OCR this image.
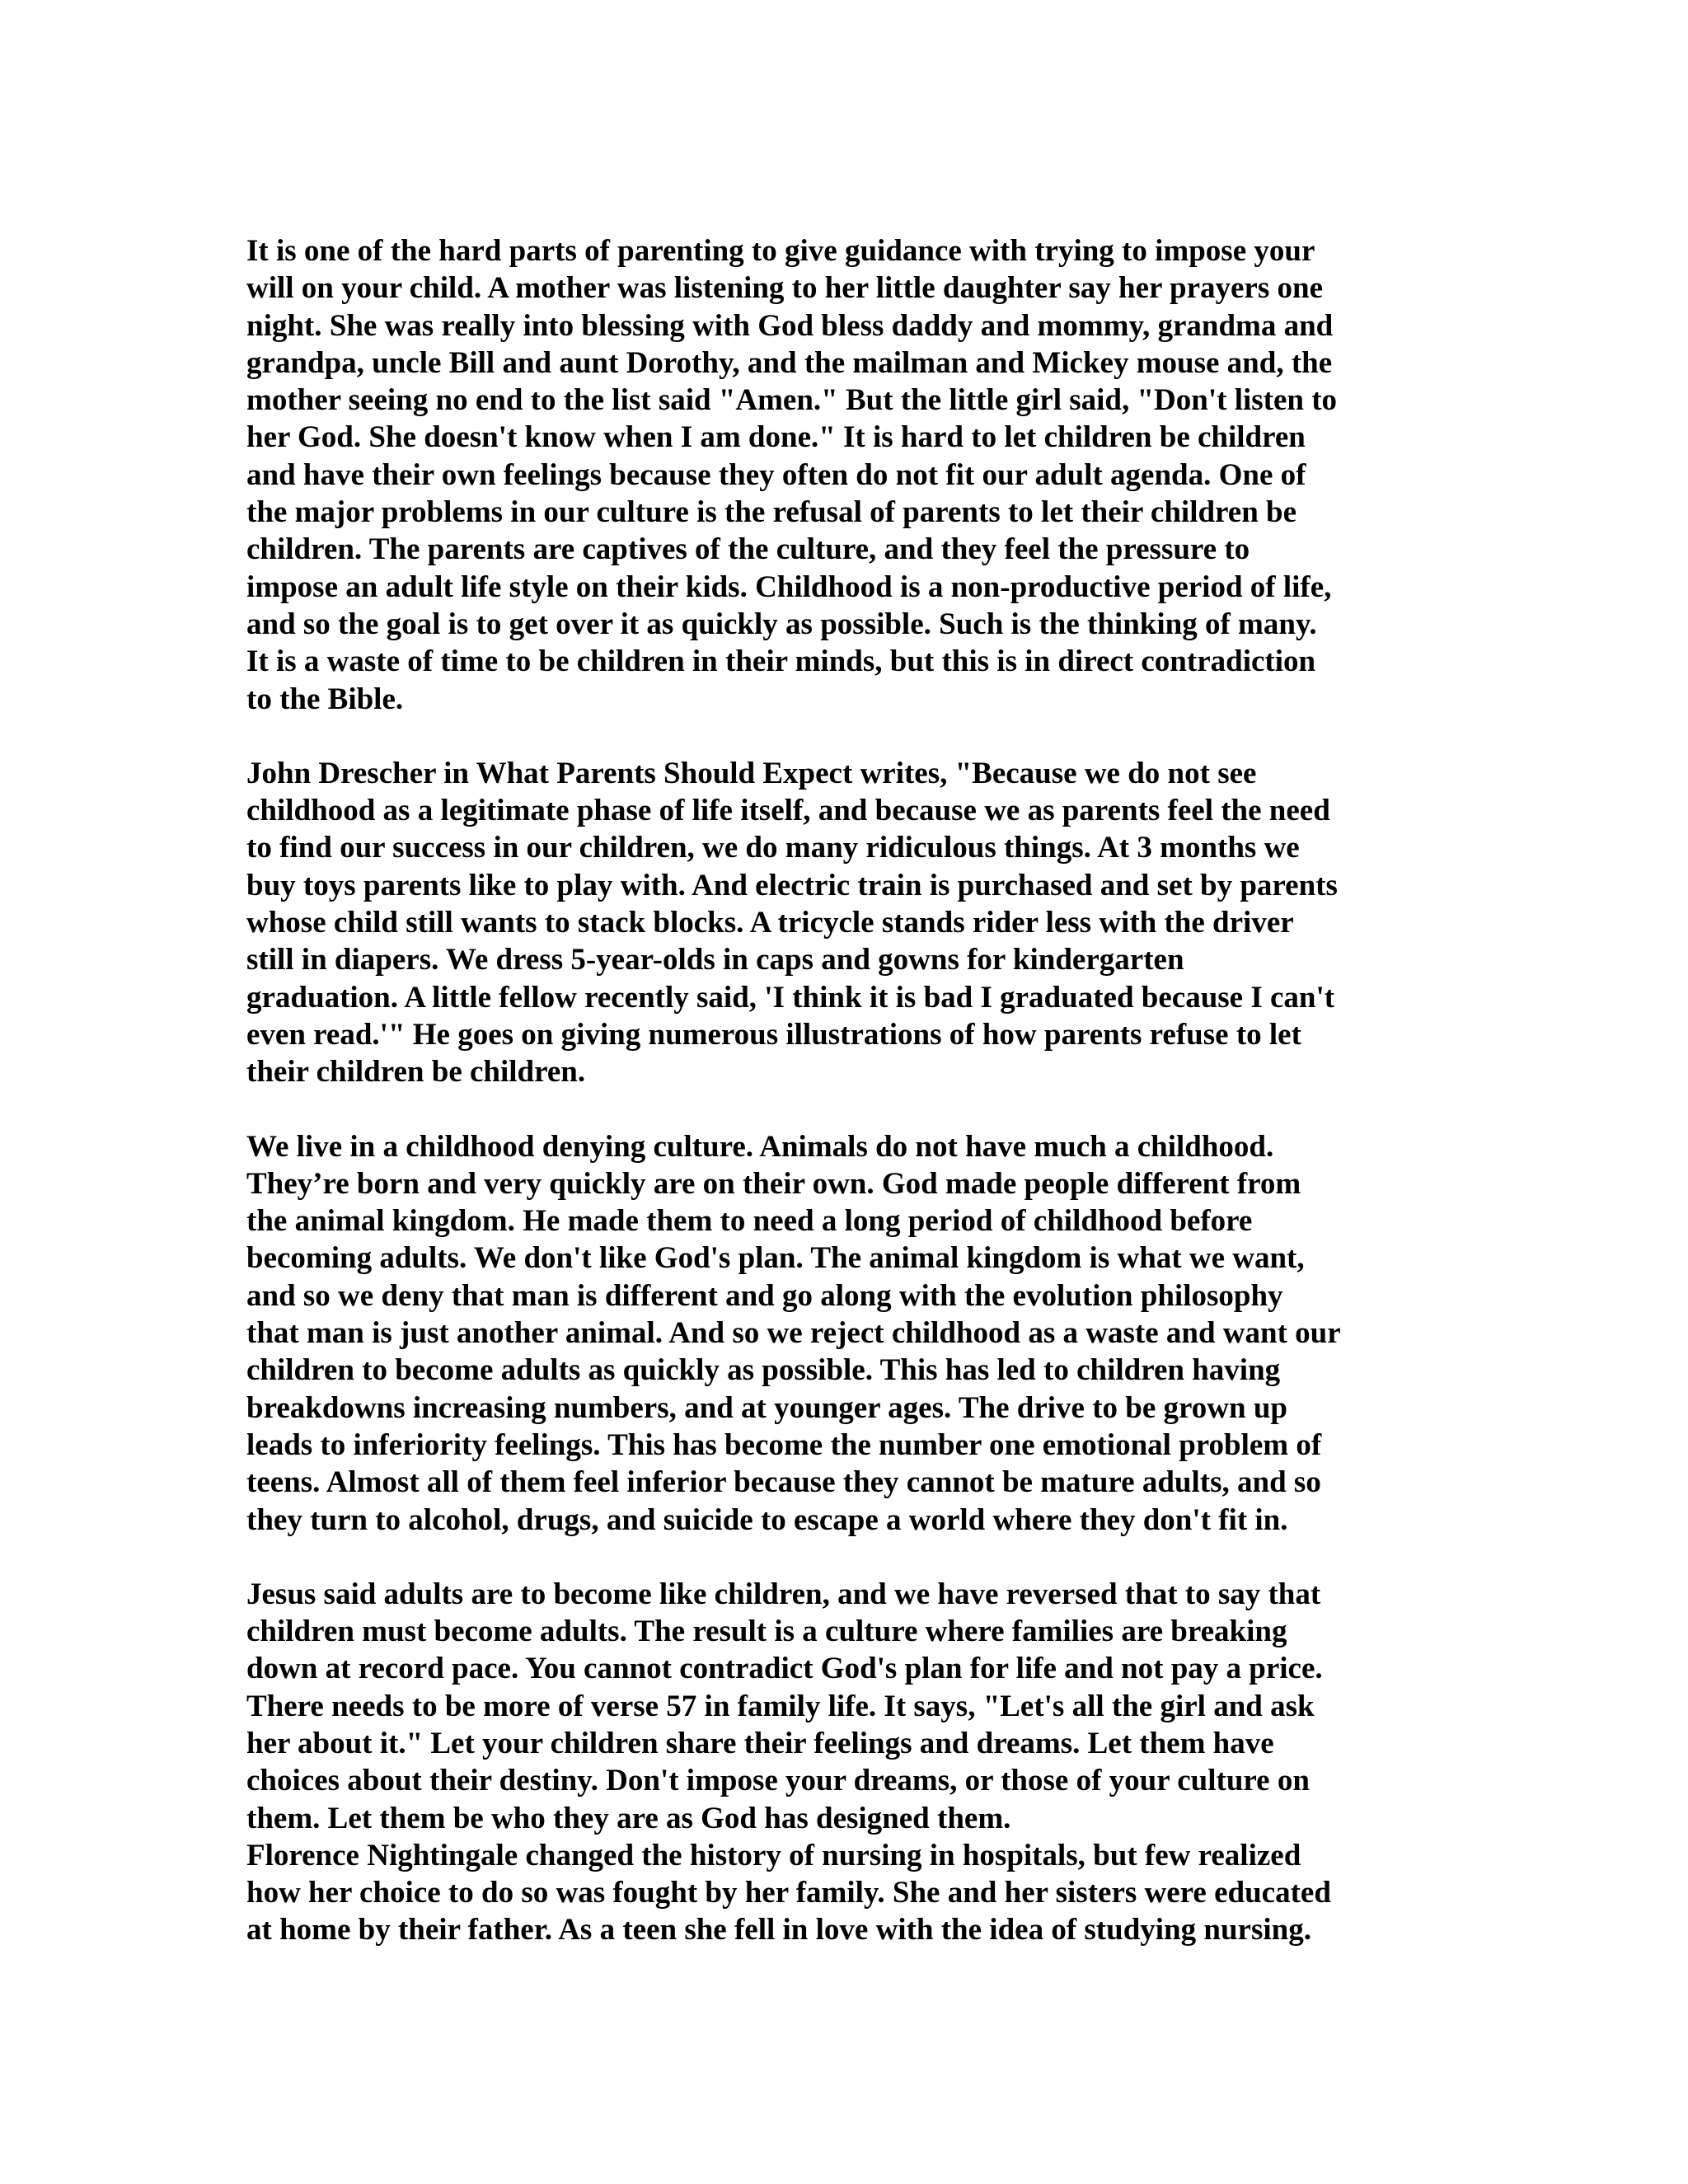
It is one of the hard parts of parenting to give guidance with trying to impose your
will on your child. A mother was listening to her little daughter say her prayers one
night. She was really into blessing with God bless daddy and mommy, grandma and
grandpa, uncle Bill and aunt Dorothy, and the mailman and Mickey mouse and, the
mother seeing no end to the list said "Amen." But the little girl said, "Don't listen to
her God. She doesn't know when I am done." It is hard to let children be children
and have their own feelings because they often do not fit our adult agenda. One of
the major problems in our culture is the refusal of parents to let their children be
children. The parents are captives of the culture, and they feel the pressure to
impose an adult life style on their kids. Childhood is a non-productive period of life,
and so the goal is to get over it as quickly as possible. Such is the thinking of many.
It is a waste of time to be children in their minds, but this is in direct contradiction
to the Bible.

John Drescher in What Parents Should Expect writes, "Because we do not see
childhood as a legitimate phase of life itself, and because we as parents feel the need
to find our success in our children, we do many ridiculous things. At 3 months we
buy toys parents like to play with. And electric train is purchased and set by parents
whose child still wants to stack blocks. A tricycle stands rider less with the driver
still in diapers. We dress 5-year-olds in caps and gowns for kindergarten
graduation. A little fellow recently said, 'I think it is bad I graduated because I can't
even read.'" He goes on giving numerous illustrations of how parents refuse to let
their children be children.

We live in a childhood denying culture. Animals do not have much a childhood.
They’re born and very quickly are on their own. God made people different from
the animal kingdom. He made them to need a long period of childhood before
becoming adults. We don't like God's plan. The animal kingdom is what we want,
and so we deny that man is different and go along with the evolution philosophy
that man is just another animal. And so we reject childhood as a waste and want our
children to become adults as quickly as possible. This has led to children having
breakdowns increasing numbers, and at younger ages. The drive to be grown up
leads to inferiority feelings. This has become the number one emotional problem of
teens. Almost all of them feel inferior because they cannot be mature adults, and so
they turn to alcohol, drugs, and suicide to escape a world where they don't fit in.

Jesus said adults are to become like children, and we have reversed that to say that
children must become adults. The result is a culture where families are breaking
down at record pace. You cannot contradict God's plan for life and not pay a price.
There needs to be more of verse 57 in family life. It says, "Let's all the girl and ask
her about it." Let your children share their feelings and dreams. Let them have
choices about their destiny. Don't impose your dreams, or those of your culture on
them. Let them be who they are as God has designed them.
Florence Nightingale changed the history of nursing in hospitals, but few realized
how her choice to do so was fought by her family. She and her sisters were educated
at home by their father. As a teen she fell in love with the idea of studying nursing.
